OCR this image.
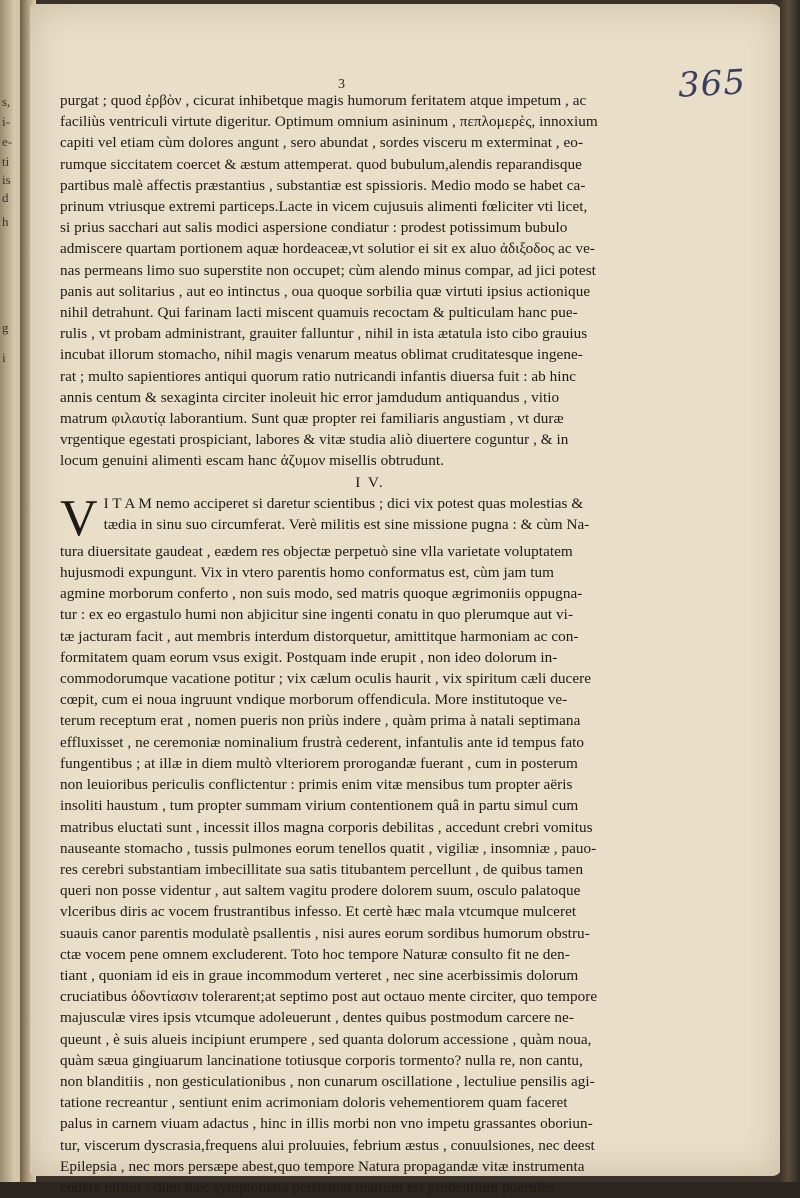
s,
i-
e-
ti
is
d
h
g
i
365
3
purgat ; quod ἐρβὸν , cicurat inhibetque magis humorum feritatem atque impetum , ac
faciliùs ventriculi virtute digeritur. Optimum omnium asininum , πεπλομερὲς, innoxium
capiti vel etiam cùm dolores angunt , sero abundat , sordes visceru m exterminat , eo-
rumque siccitatem coercet & æstum attemperat. quod bubulum,alendis reparandisque
partibus malè affectis præstantius , substantiæ est spissioris. Medio modo se habet ca-
prinum vtriusque extremi particeps.Lacte in vicem cujusuis alimenti fœliciter vti licet,
si prius sacchari aut salis modici aspersione condiatur : prodest potissimum bubulo
admiscere quartam portionem aquæ hordeaceæ,vt solutior ei sit ex aluo ἀδιξοδος ac ve-
nas permeans limo suo superstite non occupet; cùm alendo minus compar, ad jici potest
panis aut solitarius , aut eo intinctus , oua quoque sorbilia quæ virtuti ipsius actionique
nihil detrahunt. Qui farinam lacti miscent quamuis recoctam & pulticulam hanc pue-
rulis , vt probam administrant, grauiter falluntur , nihil in ista ætatula isto cibo grauius
incubat illorum stomacho, nihil magis venarum meatus oblimat cruditatesque ingene-
rat ; multo sapientiores antiqui quorum ratio nutricandi infantis diuersa fuit : ab hinc
annis centum & sexaginta circiter inoleuit hic error jamdudum antiquandus , vitio
matrum φιλαυτίᾳ laborantium. Sunt quæ propter rei familiaris angustiam , vt duræ
vrgentique egestati prospiciant, labores & vitæ studia aliò diuertere coguntur , & in
locum genuini alimenti escam hanc ἀζυμον misellis obtrudunt.
I V.
V I T A M nemo acciperet si daretur scientibus ; dici vix potest quas molestias &
tædia in sinu suo circumferat. Verè militis est sine missione pugna : & cùm Na-
tura diuersitate gaudeat , eædem res objectæ perpetuò sine vlla varietate voluptatem
hujusmodi expungunt. Vix in vtero parentis homo conformatus est, cùm jam tum
agmine morborum conferto , non suis modo, sed matris quoque ægrimoniis oppugna-
tur : ex eo ergastulo humi non abjicitur sine ingenti conatu in quo plerumque aut vi-
tæ jacturam facit , aut membris interdum distorquetur, amittitque harmoniam ac con-
formitatem quam eorum vsus exigit. Postquam inde erupit , non ideo dolorum in-
commodorumque vacatione potitur ; vix cælum oculis haurit , vix spiritum cæli ducere
cœpit, cum ei noua ingruunt vndique morborum offendicula. More institutoque ve-
terum receptum erat , nomen pueris non priùs indere , quàm prima à natali septimana
effluxisset , ne ceremoniæ nominalium frustrà cederent, infantulis ante id tempus fato
fungentibus ; at illæ in diem multò vlteriorem prorogandæ fuerant , cum in posterum
non leuioribus periculis conflictentur : primis enim vitæ mensibus tum propter aëris
insoliti haustum , tum propter summam virium contentionem quâ in partu simul cum
matribus eluctati sunt , incessit illos magna corporis debilitas , accedunt crebri vomitus
nauseante stomacho , tussis pulmones eorum tenellos quatit , vigiliæ , insomniæ , pauo-
res cerebri substantiam imbecillitate sua satis titubantem percellunt , de quibus tamen
queri non posse videntur , aut saltem vagitu prodere dolorem suum, osculo palatoque
vlceribus diris ac vocem frustrantibus infesso. Et certè hæc mala vtcumque mulceret
suauis canor parentis modulatè psallentis , nisi aures eorum sordibus humorum obstru-
ctæ vocem pene omnem excluderent. Toto hoc tempore Naturæ consulto fit ne den-
tiant , quoniam id eis in graue incommodum verteret , nec sine acerbissimis dolorum
cruciatibus ὀδοντίασιν tolerarent;at septimo post aut octauo mente circiter, quo tempore
majusculæ vires ipsis vtcumque adoleuerunt , dentes quibus postmodum carcere ne-
queunt , è suis alueis incipiunt erumpere , sed quanta dolorum accessione , quàm noua,
quàm sæua gingiuarum lancinatione totiusque corporis tormento? nulla re, non cantu,
non blanditiis , non gesticulationibus , non cunarum oscillatione , lectuliue pensilis agi-
tatione recreantur , sentiunt enim acrimoniam doloris vehementiorem quam faceret
palus in carnem viuam adactus , hinc in illis morbi non vno impetu grassantes oboriun-
tur, viscerum dyscrasia,frequens alui proluuies, febrium æstus , conuulsiones, nec deest
Epilepsia , nec mors persæpe abest,quo tempore Natura propagandæ vitæ instrumenta
cudere nititur : dum hæc symptomata persistunt matrum est prudentium puerulos
